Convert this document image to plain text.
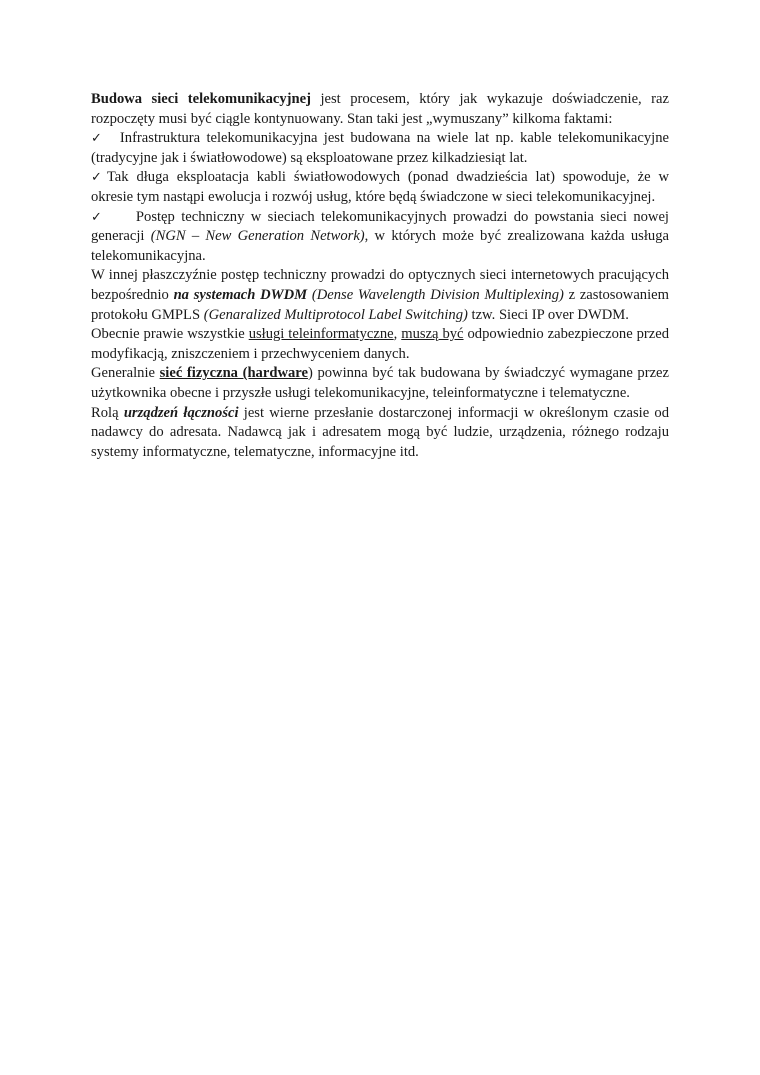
Budowa sieci telekomunikacyjnej jest procesem, który jak wykazuje doświadczenie, raz rozpoczęty musi być ciągle kontynuowany. Stan taki jest „wymuszany” kilkoma faktami:

✓ Infrastruktura telekomunikacyjna jest budowana na wiele lat np. kable telekomunikacyjne (tradycyjne jak i światłowodowe) są eksploatowane przez kilkadziesiąt lat.

✓ Tak długa eksploatacja kabli światłowodowych (ponad dwadzieścia lat) spowoduje, że w okresie tym nastąpi ewolucja i rozwój usług, które będą świadczone w sieci telekomunikacyjnej.

✓ Postęp techniczny w sieciach telekomunikacyjnych prowadzi do powstania sieci nowej generacji (NGN – New Generation Network), w których może być zrealizowana każda usługa telekomunikacyjna.

W innej płaszczyźnie postęp techniczny prowadzi do optycznych sieci internetowych pracujących bezpośrednio na systemach DWDM (Dense Wavelength Division Multiplexing) z zastosowaniem protokołu GMPLS (Genaralized Multiprotocol Label Switching) tzw. Sieci IP over DWDM.

Obecnie prawie wszystkie usługi teleinformatyczne, muszą być odpowiednio zabezpieczone przed modyfikacją, zniszczeniem i przechwyceniem danych.

Generalnie sieć fizyczna (hardware) powinna być tak budowana by świadczyć wymagane przez użytkownika obecne i przyszłe usługi telekomunikacyjne, teleinformatyczne i telematyczne.

Rolą urządzeń łączności jest wierne przesłanie dostarczonej informacji w określonym czasie od nadawcy do adresata. Nadawcą jak i adresatem mogą być ludzie, urządzenia, różnego rodzaju systemy informatyczne, telematyczne, informacyjne itd.
